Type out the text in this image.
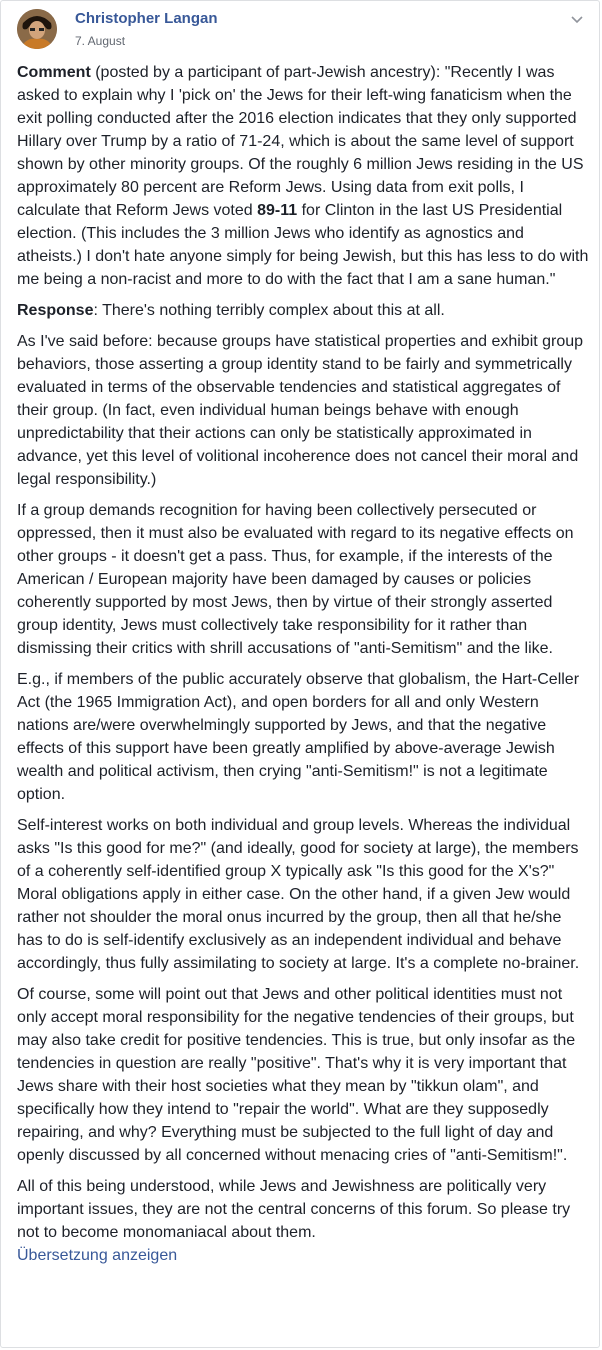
Christopher Langan
7. August

Comment (posted by a participant of part-Jewish ancestry): "Recently I was asked to explain why I 'pick on' the Jews for their left-wing fanaticism when the exit polling conducted after the 2016 election indicates that they only supported Hillary over Trump by a ratio of 71-24, which is about the same level of support shown by other minority groups. Of the roughly 6 million Jews residing in the US approximately 80 percent are Reform Jews. Using data from exit polls, I calculate that Reform Jews voted 89-11 for Clinton in the last US Presidential election. (This includes the 3 million Jews who identify as agnostics and atheists.) I don't hate anyone simply for being Jewish, but this has less to do with me being a non-racist and more to do with the fact that I am a sane human."

Response: There's nothing terribly complex about this at all.

As I've said before: because groups have statistical properties and exhibit group behaviors, those asserting a group identity stand to be fairly and symmetrically evaluated in terms of the observable tendencies and statistical aggregates of their group. (In fact, even individual human beings behave with enough unpredictability that their actions can only be statistically approximated in advance, yet this level of volitional incoherence does not cancel their moral and legal responsibility.)

If a group demands recognition for having been collectively persecuted or oppressed, then it must also be evaluated with regard to its negative effects on other groups - it doesn't get a pass. Thus, for example, if the interests of the American / European majority have been damaged by causes or policies coherently supported by most Jews, then by virtue of their strongly asserted group identity, Jews must collectively take responsibility for it rather than dismissing their critics with shrill accusations of "anti-Semitism" and the like.

E.g., if members of the public accurately observe that globalism, the Hart-Celler Act (the 1965 Immigration Act), and open borders for all and only Western nations are/were overwhelmingly supported by Jews, and that the negative effects of this support have been greatly amplified by above-average Jewish wealth and political activism, then crying "anti-Semitism!" is not a legitimate option.

Self-interest works on both individual and group levels. Whereas the individual asks "Is this good for me?" (and ideally, good for society at large), the members of a coherently self-identified group X typically ask "Is this good for the X's?" Moral obligations apply in either case. On the other hand, if a given Jew would rather not shoulder the moral onus incurred by the group, then all that he/she has to do is self-identify exclusively as an independent individual and behave accordingly, thus fully assimilating to society at large. It's a complete no-brainer.

Of course, some will point out that Jews and other political identities must not only accept moral responsibility for the negative tendencies of their groups, but may also take credit for positive tendencies. This is true, but only insofar as the tendencies in question are really "positive". That's why it is very important that Jews share with their host societies what they mean by "tikkun olam", and specifically how they intend to "repair the world". What are they supposedly repairing, and why? Everything must be subjected to the full light of day and openly discussed by all concerned without menacing cries of "anti-Semitism!".

All of this being understood, while Jews and Jewishness are politically very important issues, they are not the central concerns of this forum. So please try not to become monomaniacal about them.

Übersetzung anzeigen
